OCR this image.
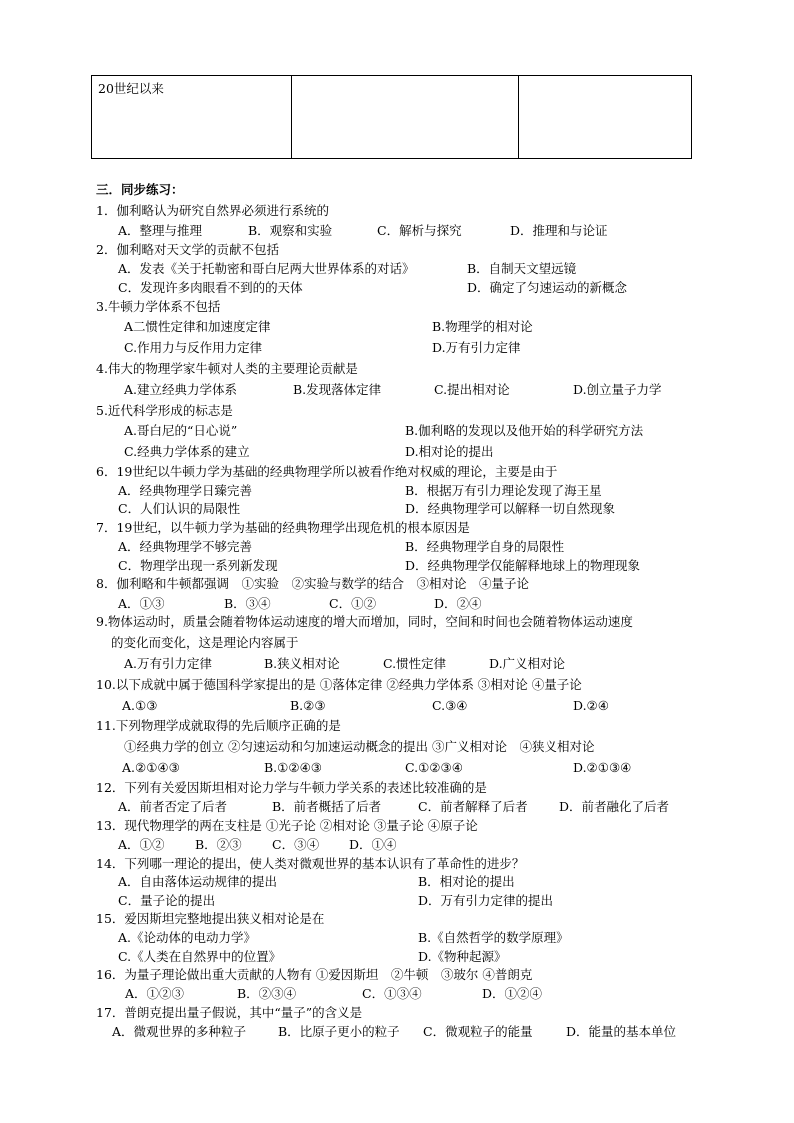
20世纪以来		
三．同步练习：
1．伽利略认为研究自然界必须进行系统的
A．整理与推理	B．观察和实验	C．解析与探究	D．推理和与论证
2．伽利略对天文学的贡献不包括
A．发表《关于托勒密和哥白尼两大世界体系的对话》	B．自制天文望远镜
C．发现许多肉眼看不到的的天体	D．确定了匀速运动的新概念
3.牛顿力学体系不包括
A二惯性定律和加速度定律	B.物理学的相对论
C.作用力与反作用力定律	D.万有引力定律
4.伟大的物理学家牛顿对人类的主要理论贡献是
A.建立经典力学体系	B.发现落体定律	C.提出相对论	D.创立量子力学
5.近代科学形成的标志是
A.哥白尼的“日心说”	B.伽利略的发现以及他开始的科学研究方法
C.经典力学体系的建立	D.相对论的提出
6．19世纪以牛顿力学为基础的经典物理学所以被看作绝对权威的理论，主要是由于
A．经典物理学日臻完善	B．根据万有引力理论发现了海王星
C．人们认识的局限性	D．经典物理学可以解释一切自然现象
7．19世纪，以牛顿力学为基础的经典物理学出现危机的根本原因是
A．经典物理学不够完善	B．经典物理学自身的局限性
C．物理学出现一系列新发现	D．经典物理学仅能解释地球上的物理现象
8．伽利略和牛顿都强调　①实验　②实验与数学的结合　③相对论　④量子论
A．①③	B．③④	C．①②	D．②④
9.物体运动时，质量会随着物体运动速度的增大而增加，同时，空间和时间也会随着物体运动速度
的变化而变化，这是理论内容属于
A.万有引力定律	B.狭义相对论	C.惯性定律	D.广义相对论
10.以下成就中属于德国科学家提出的是 ①落体定律 ②经典力学体系 ③相对论 ④量子论
A.①③	B.②③	C.③④	D.②④
11.下列物理学成就取得的先后顺序正确的是
①经典力学的创立 ②匀速运动和匀加速运动概念的提出 ③广义相对论　④狭义相对论
A.②①④③	B.①②④③	C.①②③④	D.②①③④
12．下列有关爱因斯坦相对论力学与牛顿力学关系的表述比较准确的是
A．前者否定了后者	B．前者概括了后者	C．前者解释了后者	D．前者融化了后者
13．现代物理学的两在支柱是 ①光子论 ②相对论 ③量子论 ④原子论
A．①② B．②③ C．③④ D．①④
14．下列哪一理论的提出，使人类对微观世界的基本认识有了革命性的进步？
A．自由落体运动规律的提出	B．相对论的提出
C．量子论的提出	D．万有引力定律的提出
15．爱因斯坦完整地提出狭义相对论是在
A.《论动体的电动力学》	B.《自然哲学的数学原理》
C.《人类在自然界中的位置》	D.《物种起源》
16．为量子理论做出重大贡献的人物有 ①爱因斯坦　②牛顿　③玻尔 ④普朗克
A．①②③	B．②③④	C．①③④	D．①②④
17．普朗克提出量子假说，其中“量子”的含义是
A．微观世界的多种粒子	B．比原子更小的粒子 C．微观粒子的能量	D．能量的基本单位
